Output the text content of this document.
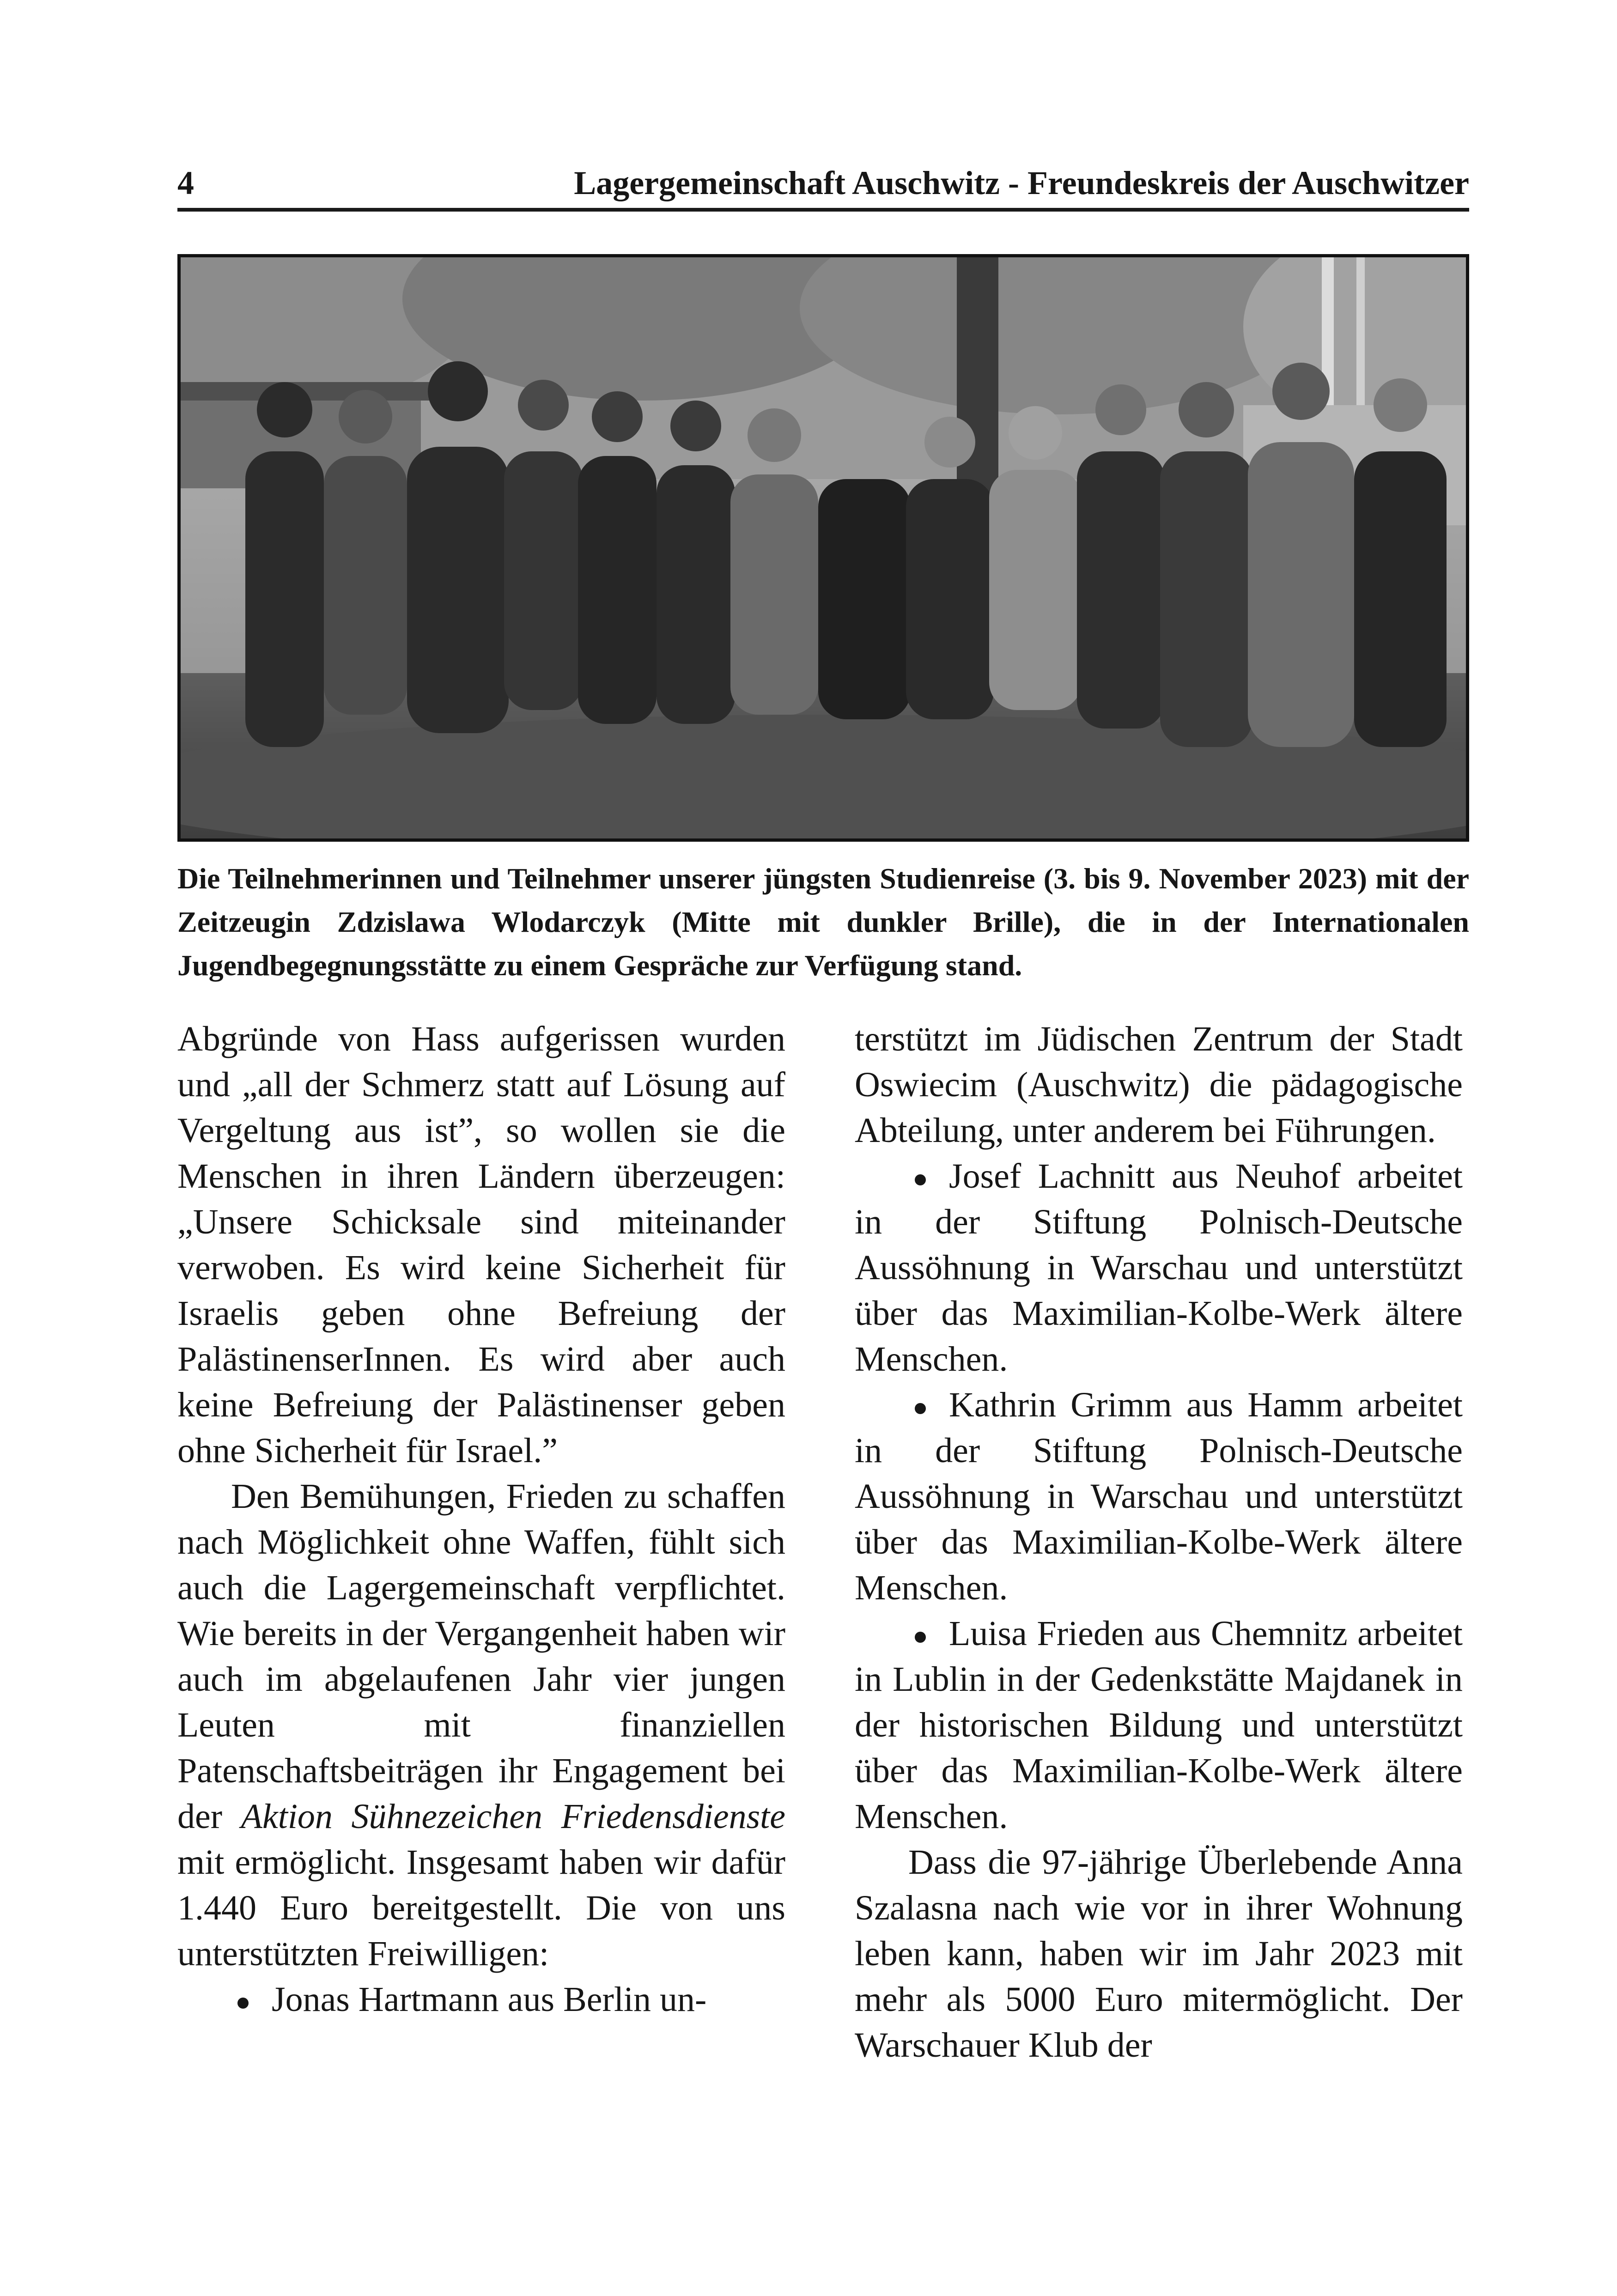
4	Lagergemeinschaft Auschwitz - Freundeskreis der Auschwitzer
Die Teilnehmerinnen und Teilnehmer unserer jüngsten Studienreise (3. bis 9. November 2023) mit der Zeitzeugin Zdzislawa Wlodarczyk (Mitte mit dunkler Brille), die in der Internationalen Jugendbegegnungsstätte zu einem Gespräche zur Verfügung stand.

Abgründe von Hass aufgerissen wurden und „all der Schmerz statt auf Lösung auf Vergeltung aus ist”, so wollen sie die Menschen in ihren Ländern überzeugen: „Unsere Schicksale sind miteinander verwoben. Es wird keine Sicherheit für Israelis geben ohne Befreiung der PalästinenserInnen. Es wird aber auch keine Befreiung der Palästinenser geben ohne Sicherheit für Israel.”

Den Bemühungen, Frieden zu schaffen nach Möglichkeit ohne Waffen, fühlt sich auch die Lagergemeinschaft verpflichtet. Wie bereits in der Vergangenheit haben wir auch im abgelaufenen Jahr vier jungen Leuten mit finanziellen Patenschaftsbeiträgen ihr Engagement bei der Aktion Sühnezeichen Friedensdienste mit ermöglicht. Insgesamt haben wir dafür 1.440 Euro bereitgestellt. Die von uns unterstützten Freiwilligen:

Jonas Hartmann aus Berlin un-

terstützt im Jüdischen Zentrum der Stadt Oswiecim (Auschwitz) die pädagogische Abteilung, unter anderem bei Führungen.

Josef Lachnitt aus Neuhof arbeitet in der Stiftung Polnisch-Deutsche Aussöhnung in Warschau und unterstützt über das Maximilian-Kolbe-Werk ältere Menschen.

Kathrin Grimm aus Hamm arbeitet in der Stiftung Polnisch-Deutsche Aussöhnung in Warschau und unterstützt über das Maximilian-Kolbe-Werk ältere Menschen.

Luisa Frieden aus Chemnitz arbeitet in Lublin in der Gedenkstätte Majdanek in der historischen Bildung und unterstützt über das Maximilian-Kolbe-Werk ältere Menschen.

Dass die 97-jährige Überlebende Anna Szalasna nach wie vor in ihrer Wohnung leben kann, haben wir im Jahr 2023 mit mehr als 5000 Euro mitermöglicht. Der Warschauer Klub der
